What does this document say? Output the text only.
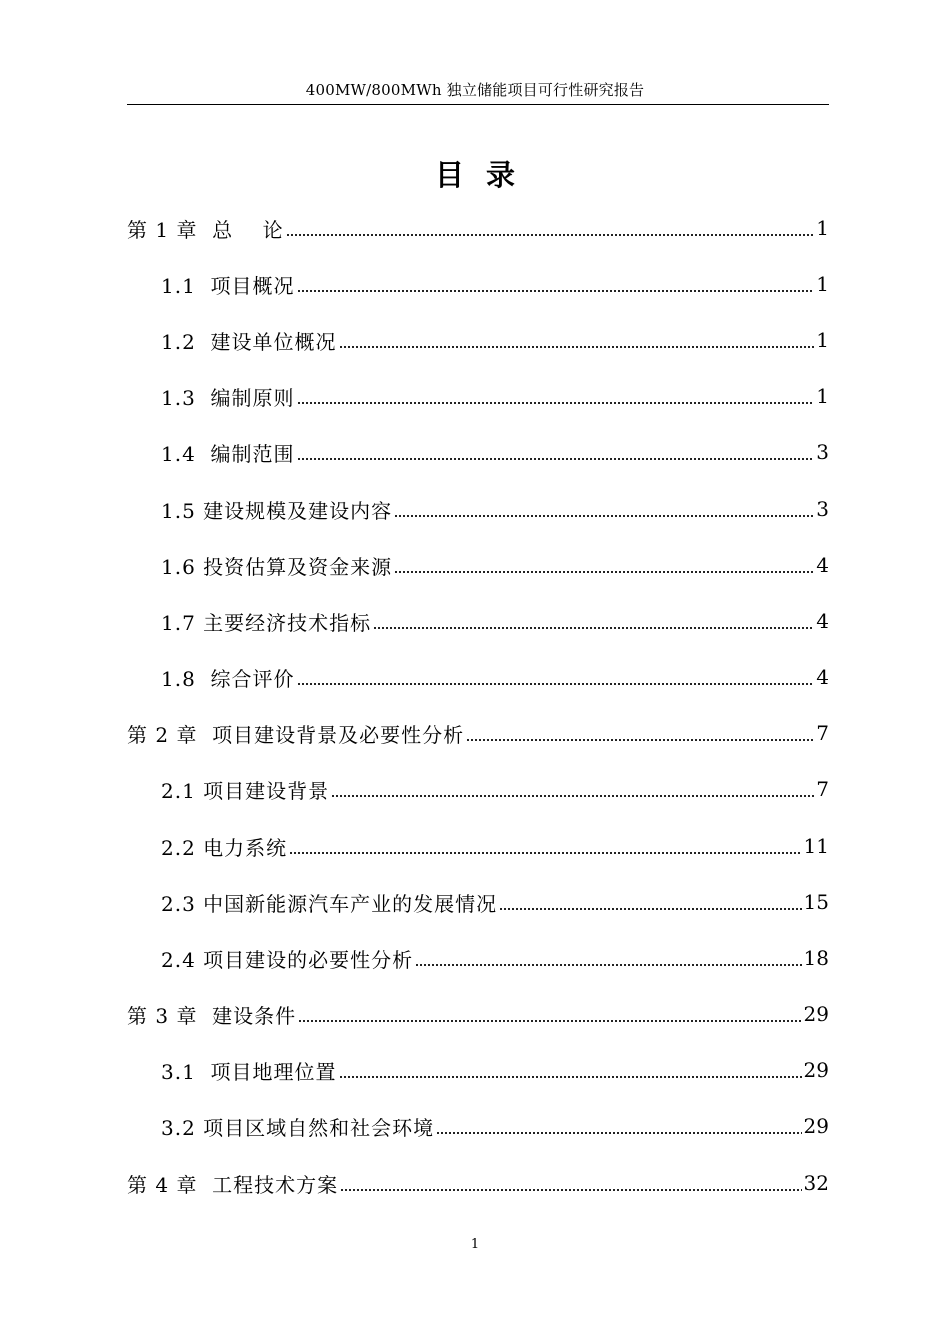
400MW/800MWh 独立储能项目可行性研究报告
目录
第 1 章  总    论	1
1.1  项目概况	1
1.2  建设单位概况	1
1.3  编制原则	1
1.4  编制范围	3
1.5 建设规模及建设内容	3
1.6 投资估算及资金来源	4
1.7 主要经济技术指标	4
1.8  综合评价	4
第 2 章  项目建设背景及必要性分析	7
2.1 项目建设背景	7
2.2 电力系统	11
2.3 中国新能源汽车产业的发展情况	15
2.4 项目建设的必要性分析	18
第 3 章  建设条件	29
3.1  项目地理位置	29
3.2 项目区域自然和社会环境	29
第 4 章  工程技术方案	32
1
